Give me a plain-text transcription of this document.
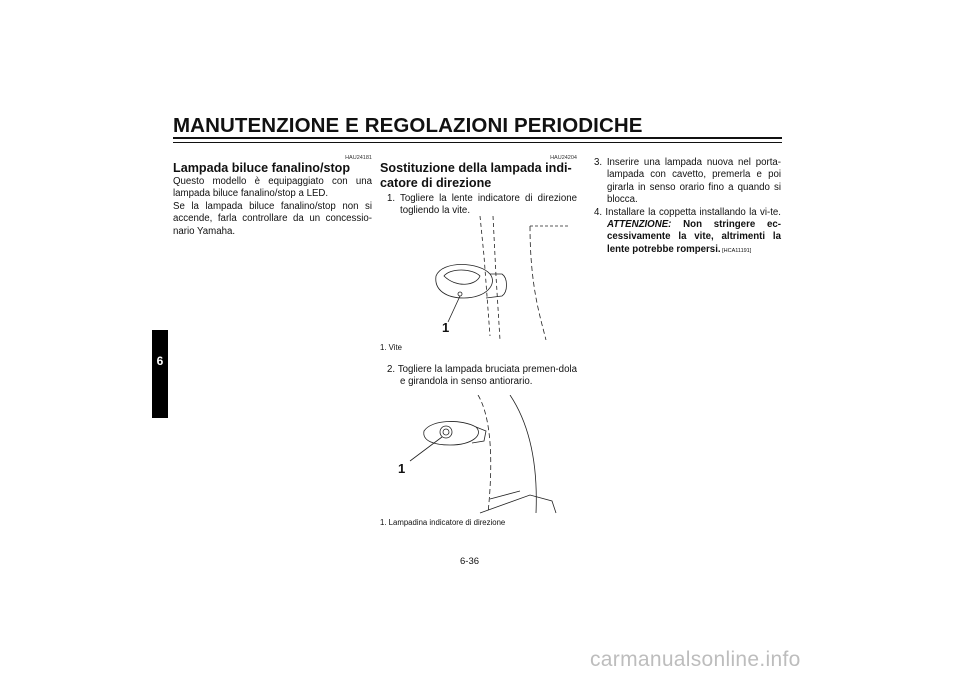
MANUTENZIONE E REGOLAZIONI PERIODICHE
6
HAU24181
Lampada biluce fanalino/stop
Questo modello è equipaggiato con una lampada biluce fanalino/stop a LED.
Se la lampada biluce fanalino/stop non si accende, farla controllare da un concessio-nario Yamaha.
HAU24204
Sostituzione della lampada indi-
catore di direzione
1. Togliere la lente indicatore di direzione togliendo la vite.
1
1. Vite
2. Togliere la lampada bruciata premen-dola e girandola in senso antiorario.
1
1. Lampadina indicatore di direzione
3. Inserire una lampada nuova nel porta-lampada con cavetto, premerla e poi girarla in senso orario fino a quando si blocca.
4. Installare la coppetta installando la vi-te. ATTENZIONE: Non stringere ec-cessivamente la vite, altrimenti la lente potrebbe rompersi. [HCA11191]
6-36
carmanualsonline.info
